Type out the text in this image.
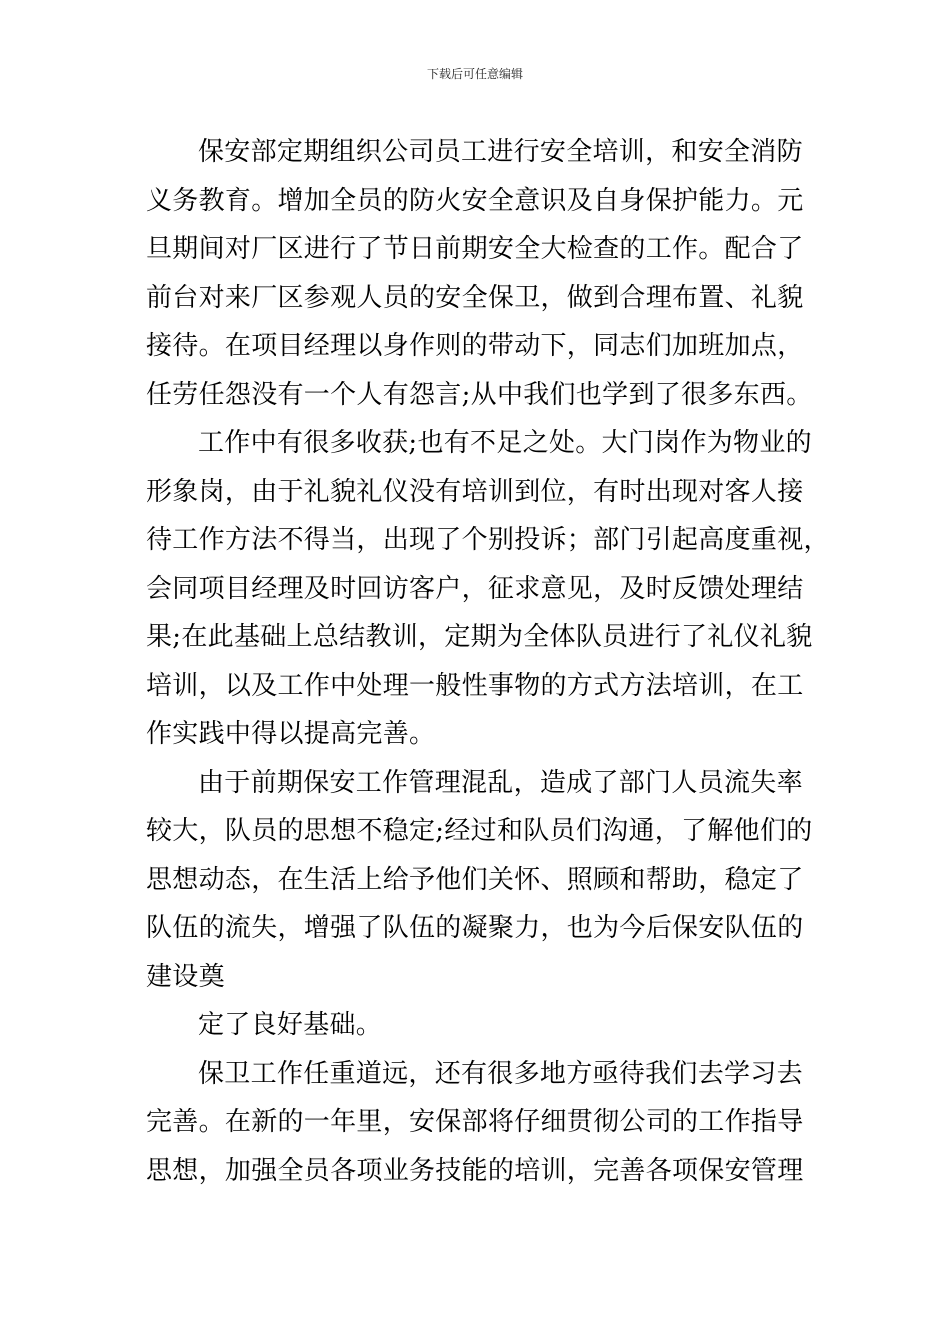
下载后可任意编辑
保安部定期组织公司员工进行安全培训，和安全消防
义务教育。增加全员的防火安全意识及自身保护能力。元
旦期间对厂区进行了节日前期安全大检查的工作。配合了
前台对来厂区参观人员的安全保卫，做到合理布置、礼貌
接待。在项目经理以身作则的带动下，同志们加班加点，
任劳任怨没有一个人有怨言;从中我们也学到了很多东西。
工作中有很多收获;也有不足之处。大门岗作为物业的
形象岗，由于礼貌礼仪没有培训到位，有时出现对客人接
待工作方法不得当，出现了个别投诉；部门引起高度重视，
会同项目经理及时回访客户，征求意见，及时反馈处理结
果;在此基础上总结教训，定期为全体队员进行了礼仪礼貌
培训，以及工作中处理一般性事物的方式方法培训，在工
作实践中得以提高完善。
由于前期保安工作管理混乱，造成了部门人员流失率
较大，队员的思想不稳定;经过和队员们沟通，了解他们的
思想动态，在生活上给予他们关怀、照顾和帮助，稳定了
队伍的流失，增强了队伍的凝聚力，也为今后保安队伍的
建设奠
定了良好基础。
保卫工作任重道远，还有很多地方亟待我们去学习去
完善。在新的一年里，安保部将仔细贯彻公司的工作指导
思想，加强全员各项业务技能的培训，完善各项保安管理
